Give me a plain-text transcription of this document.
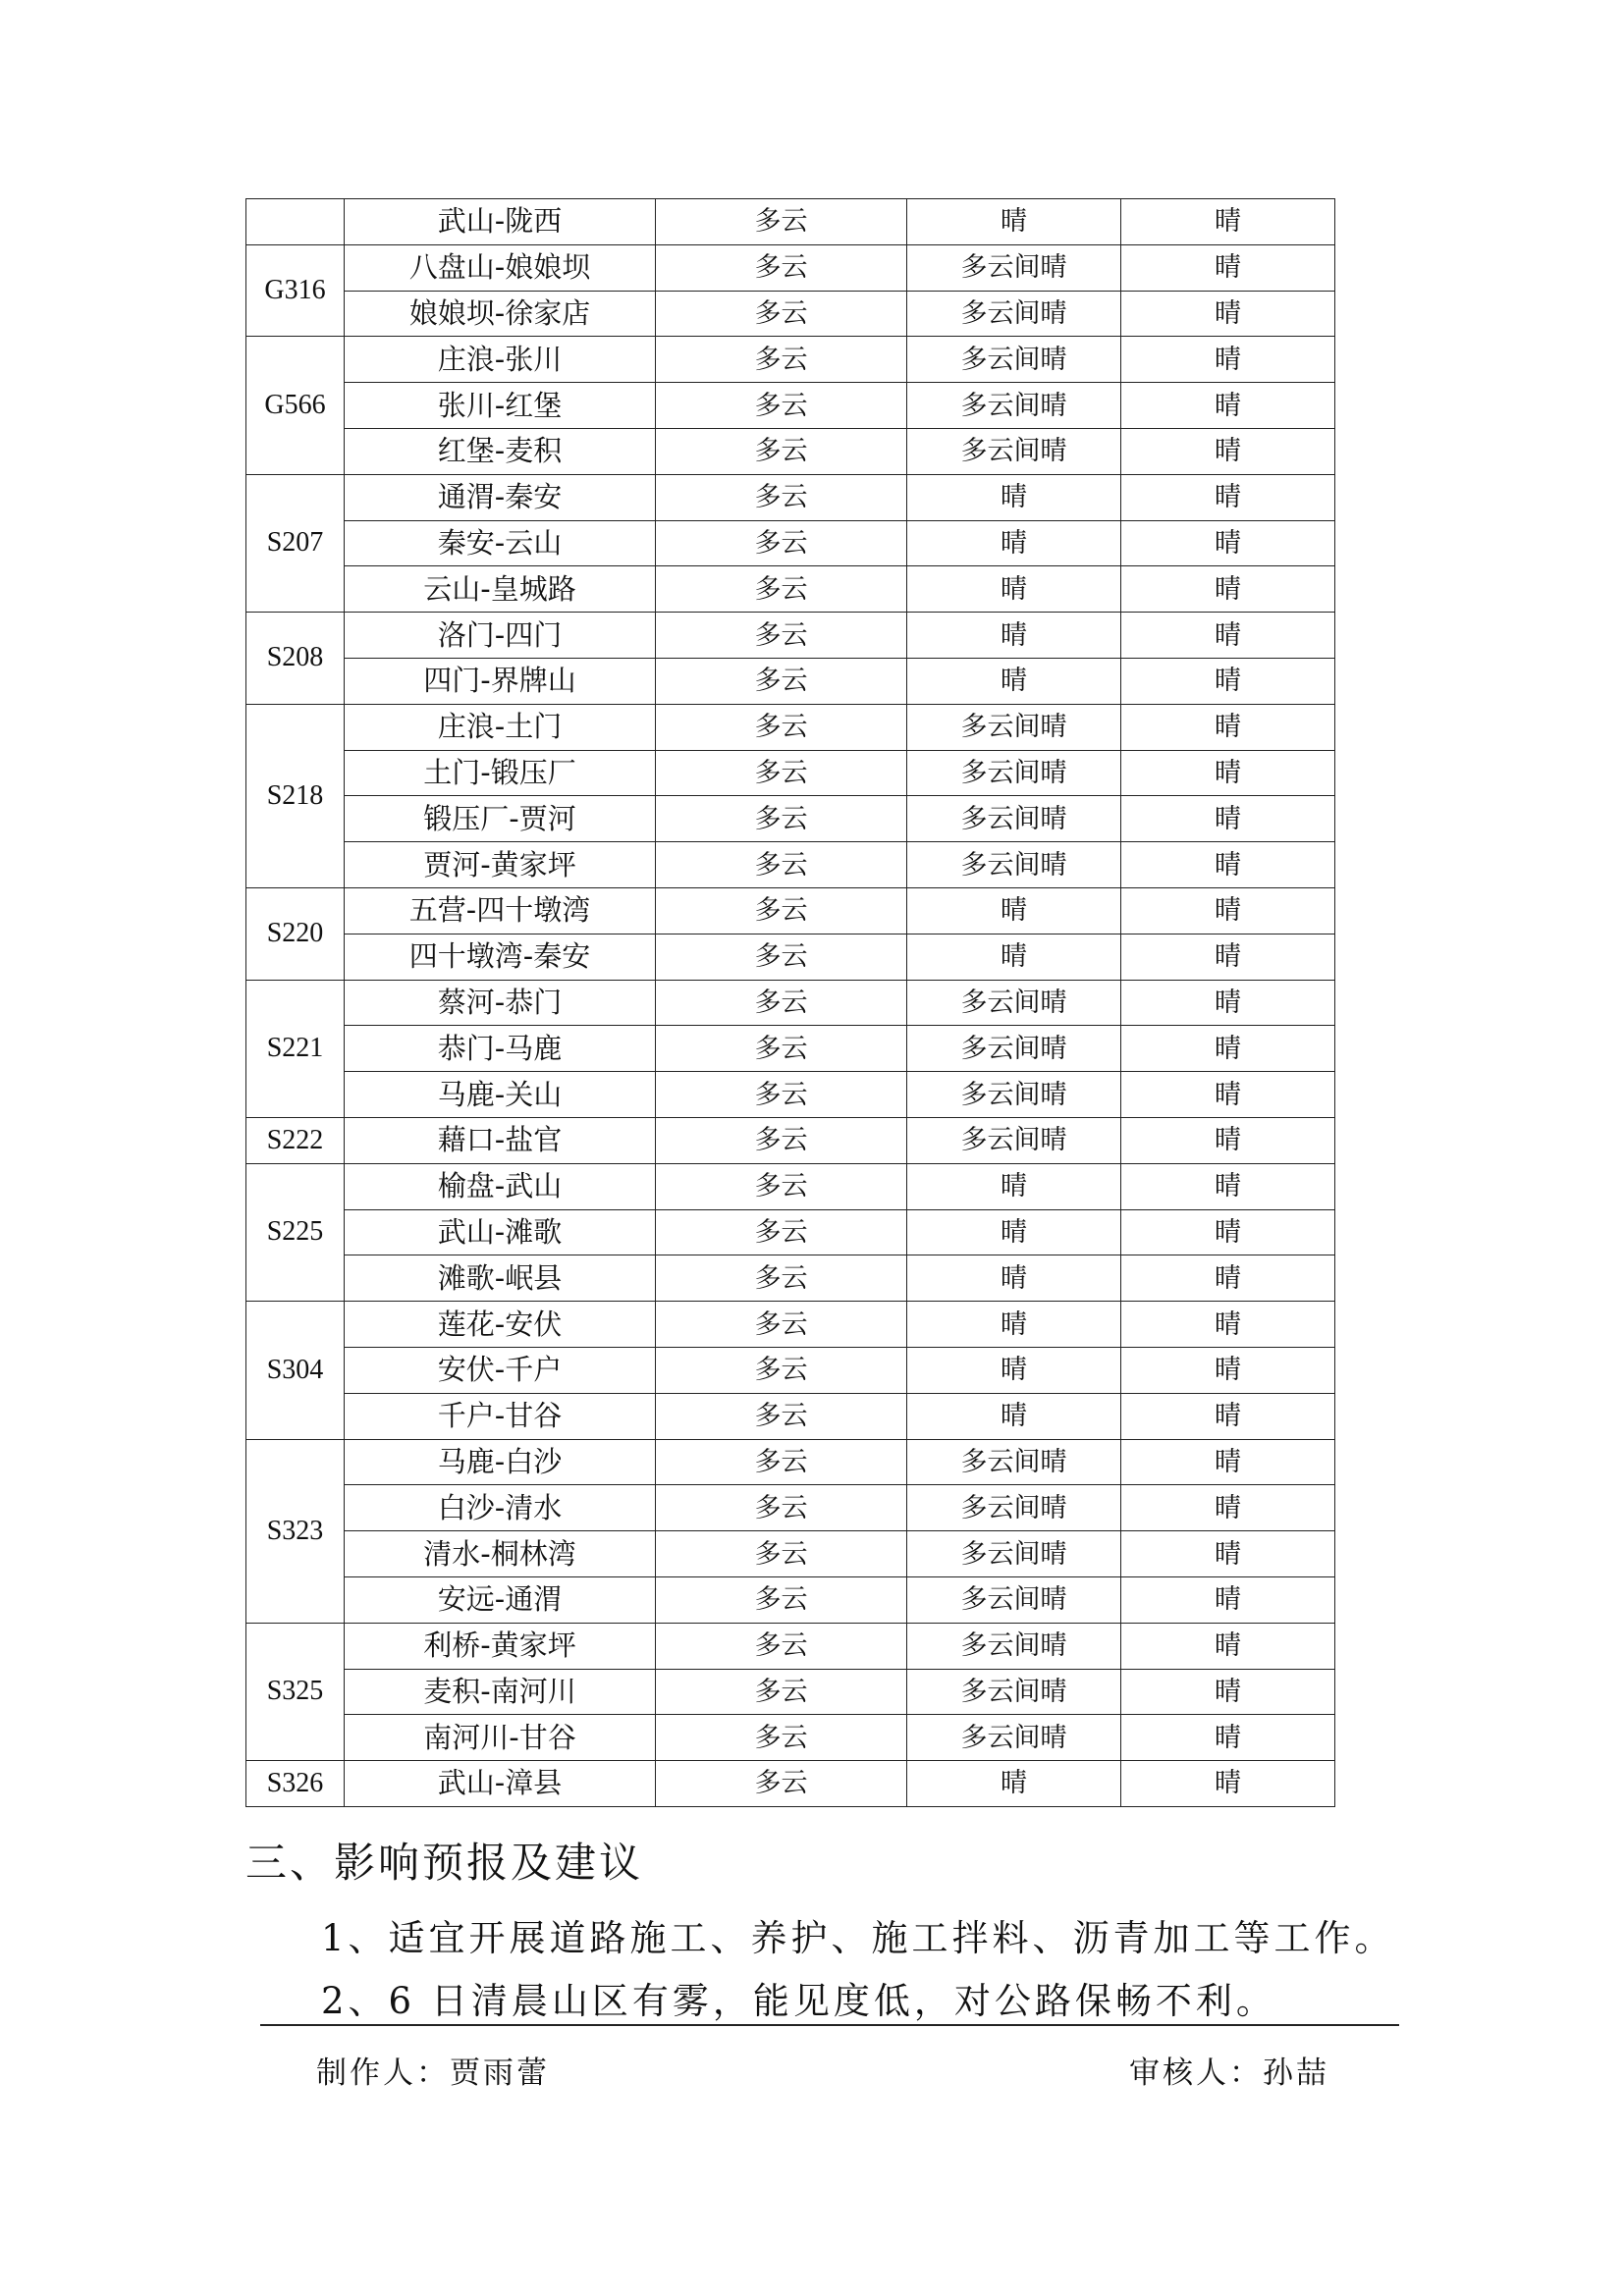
	武山-陇西	多云	晴	晴
G316	八盘山-娘娘坝	多云	多云间晴	晴
	娘娘坝-徐家店	多云	多云间晴	晴
G566	庄浪-张川	多云	多云间晴	晴
	张川-红堡	多云	多云间晴	晴
	红堡-麦积	多云	多云间晴	晴
S207	通渭-秦安	多云	晴	晴
	秦安-云山	多云	晴	晴
	云山-皇城路	多云	晴	晴
S208	洛门-四门	多云	晴	晴
	四门-界牌山	多云	晴	晴
S218	庄浪-土门	多云	多云间晴	晴
	土门-锻压厂	多云	多云间晴	晴
	锻压厂-贾河	多云	多云间晴	晴
	贾河-黄家坪	多云	多云间晴	晴
S220	五营-四十墩湾	多云	晴	晴
	四十墩湾-秦安	多云	晴	晴
S221	蔡河-恭门	多云	多云间晴	晴
	恭门-马鹿	多云	多云间晴	晴
	马鹿-关山	多云	多云间晴	晴
S222	藉口-盐官	多云	多云间晴	晴
S225	榆盘-武山	多云	晴	晴
	武山-滩歌	多云	晴	晴
	滩歌-岷县	多云	晴	晴
S304	莲花-安伏	多云	晴	晴
	安伏-千户	多云	晴	晴
	千户-甘谷	多云	晴	晴
S323	马鹿-白沙	多云	多云间晴	晴
	白沙-清水	多云	多云间晴	晴
	清水-桐林湾	多云	多云间晴	晴
	安远-通渭	多云	多云间晴	晴
S325	利桥-黄家坪	多云	多云间晴	晴
	麦积-南河川	多云	多云间晴	晴
	南河川-甘谷	多云	多云间晴	晴
S326	武山-漳县	多云	晴	晴
三、影响预报及建议

1、适宜开展道路施工、养护、施工拌料、沥青加工等工作。

2、6 日清晨山区有雾，能见度低，对公路保畅不利。

制作人：贾雨蕾	审核人：孙喆
